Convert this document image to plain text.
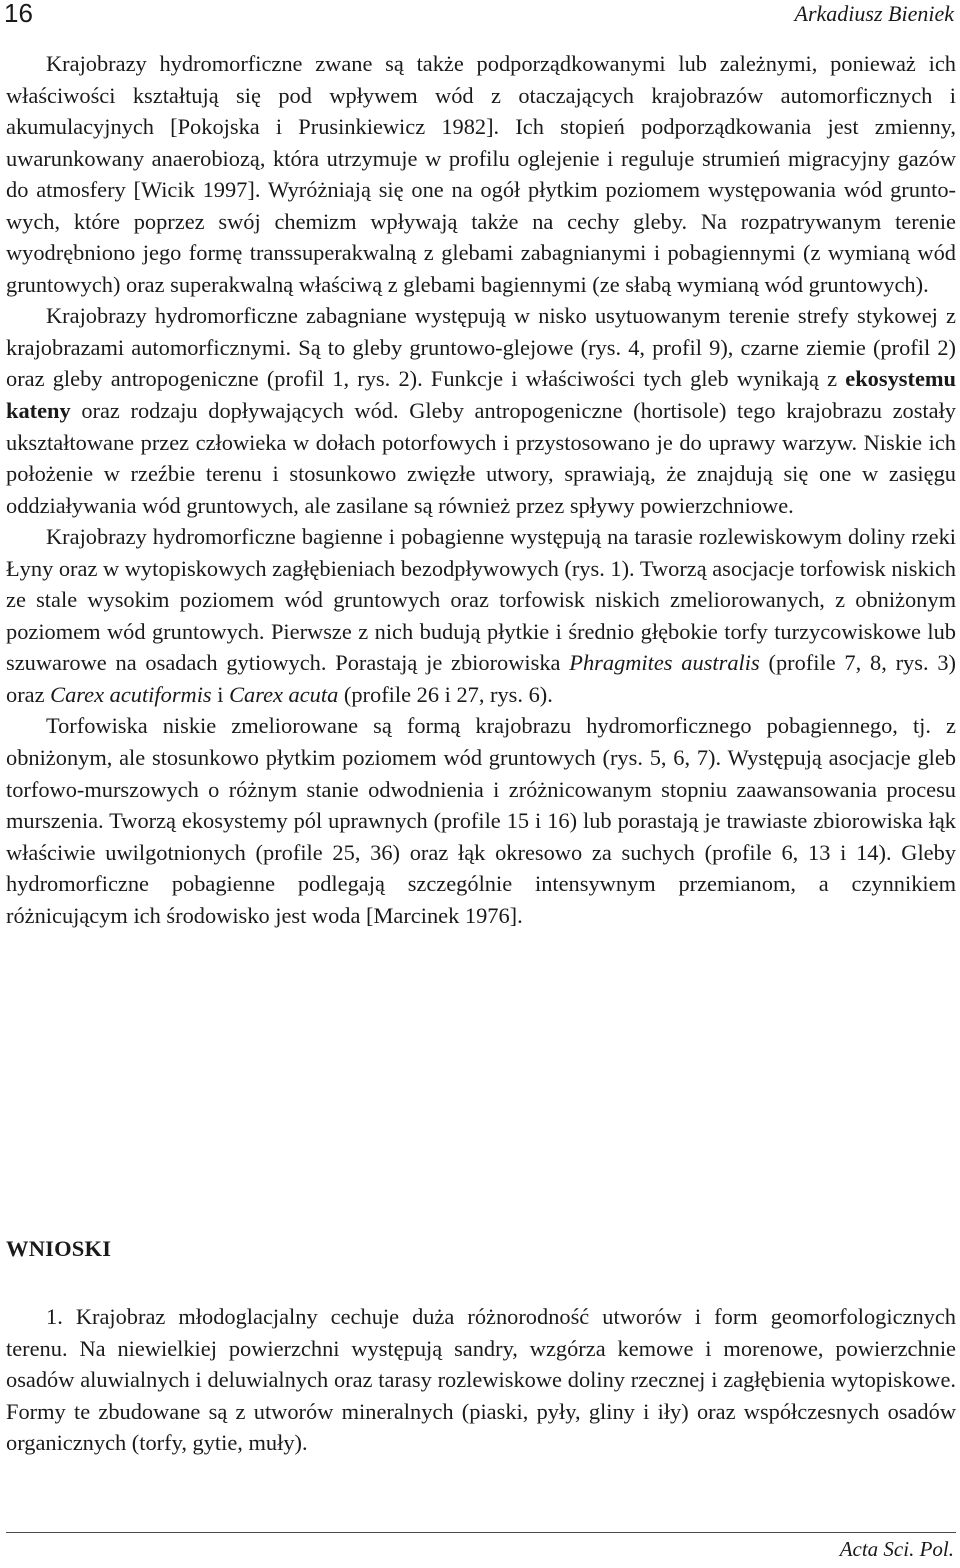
16	Arkadiusz Bieniek

Krajobrazy hydromorficzne zwane są także podporządkowanymi lub zależnymi, ponieważ ich właściwości kształtują się pod wpływem wód z otaczających krajobrazów automorficznych i akumulacyjnych [Pokojska i Prusinkiewicz 1982]. Ich stopień podporządkowania jest zmienny, uwarunkowany anaerobiozą, która utrzymuje w profilu oglejenie i reguluje strumień migracyjny gazów do atmosfery [Wicik 1997]. Wyróżniają się one na ogół płytkim poziomem występowania wód gruntowych, które poprzez swój chemizm wpływają także na cechy gleby. Na rozpatrywanym terenie wyodrębniono jego formę transsuperakwalną z glebami zabagnianymi i pobagiennymi (z wymianą wód gruntowych) oraz superakwalną właściwą z glebami bagiennymi (ze słabą wymianą wód gruntowych).

Krajobrazy hydromorficzne zabagniane występują w nisko usytuowanym terenie strefy stykowej z krajobrazami automorficznymi. Są to gleby gruntowo-glejowe (rys. 4, profil 9), czarne ziemie (profil 2) oraz gleby antropogeniczne (profil 1, rys. 2). Funkcje i właściwości tych gleb wynikają z ekosystemu kateny oraz rodzaju dopływających wód. Gleby antropogeniczne (hortisole) tego krajobrazu zostały ukształtowane przez człowieka w dołach potorfowych i przystosowano je do uprawy warzyw. Niskie ich położenie w rzeźbie terenu i stosunkowo zwięzłe utwory, sprawiają, że znajdują się one w zasięgu oddziaływania wód gruntowych, ale zasilane są również przez spływy powierzchniowe.

Krajobrazy hydromorficzne bagienne i pobagienne występują na tarasie rozlewiskowym doliny rzeki Łyny oraz w wytopiskowych zagłębieniach bezodpływowych (rys. 1). Tworzą asocjacje torfowisk niskich ze stale wysokim poziomem wód gruntowych oraz torfowisk niskich zmeliorowanych, z obniżonym poziomem wód gruntowych. Pierwsze z nich budują płytkie i średnio głębokie torfy turzycowiskowe lub szuwarowe na osadach gytiowych. Porastają je zbiorowiska Phragmites australis (profile 7, 8, rys. 3) oraz Carex acutiformis i Carex acuta (profile 26 i 27, rys. 6).

Torfowiska niskie zmeliorowane są formą krajobrazu hydromorficznego pobagiennego, tj. z obniżonym, ale stosunkowo płytkim poziomem wód gruntowych (rys. 5, 6, 7). Występują asocjacje gleb torfowo-murszowych o różnym stanie odwodnienia i zróżnicowanym stopniu zaawansowania procesu murszenia. Tworzą ekosystemy pól uprawnych (profile 15 i 16) lub porastają je trawiaste zbiorowiska łąk właściwie uwilgotnionych (profile 25, 36) oraz łąk okresowo za suchych (profile 6, 13 i 14). Gleby hydromorficzne pobagienne podlegają szczególnie intensywnym przemianom, a czynnikiem różnicującym ich środowisko jest woda [Marcinek 1976].

WNIOSKI

1. Krajobraz młodoglacjalny cechuje duża różnorodność utworów i form geomorfologicznych terenu. Na niewielkiej powierzchni występują sandry, wzgórza kemowe i morenowe, powierzchnie osadów aluwialnych i deluwialnych oraz tarasy rozlewiskowe doliny rzecznej i zagłębienia wytopiskowe. Formy te zbudowane są z utworów mineralnych (piaski, pyły, gliny i iły) oraz współczesnych osadów organicznych (torfy, gytie, muły).

Acta Sci. Pol.
